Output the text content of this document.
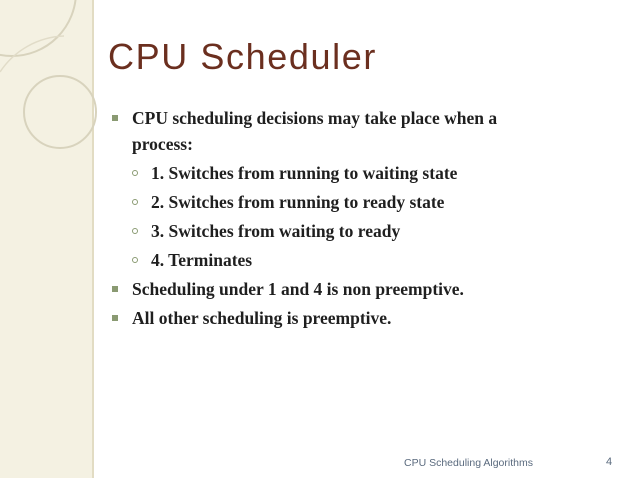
CPU Scheduler
CPU scheduling decisions may take place when a
process:
1. Switches from running to waiting state
2. Switches from running to ready state
3. Switches from waiting to ready
4. Terminates
Scheduling under 1 and 4 is non preemptive.
All other scheduling is preemptive.
CPU Scheduling Algorithms	4
